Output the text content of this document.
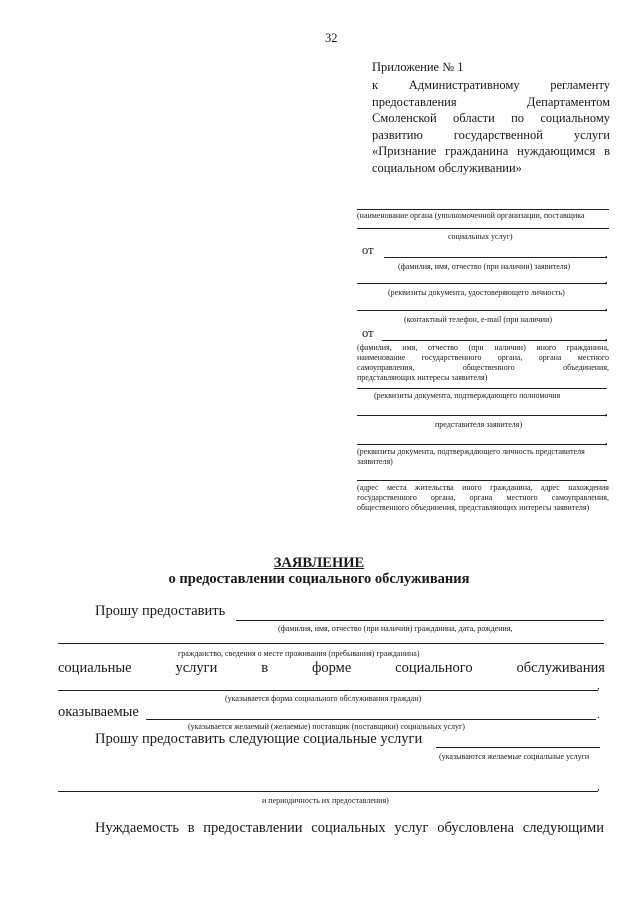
32
Приложение № 1
к Административному регламенту
предоставления Департаментом
Смоленской области по социальному
развитию государственной услуги
«Признание гражданина нуждающимся в
социальном обслуживании»
(наименование органа (уполномоченной организации, поставщика
социальных услуг)
от	,
(фамилия, имя, отчество (при наличии) заявителя)
,
(реквизиты документа, удостоверяющего личность)
,
(контактный телефон, e-mail (при наличии)
от	,
(фамилия, имя, отчество (при наличии) иного гражданина,
наименование государственного органа, органа местного
самоуправления, общественного объединения,
представляющих интересы заявителя)
(реквизиты документа, подтверждающего полномочия
,
представителя заявителя)
,
(реквизиты документа, подтверждающего личность представителя
заявителя)
(адрес места жительства иного гражданина, адрес нахождения
государственного органа, органа местного самоуправления,
общественного объединения, представляющих интересы заявителя)
ЗАЯВЛЕНИЕ
о предоставлении социального обслуживания
Прошу предоставить
(фамилия, имя, отчество (при наличии) гражданина, дата, рождения,
гражданство, сведения о месте проживания (пребывания) гражданина)
социальные	услуги	в	форме	социального	обслуживания
,
(указывается форма социального обслуживания граждан)
оказываемые	.
(указывается желаемый (желаемые) поставщик (поставщики) социальных услуг)
Прошу предоставить следующие социальные услуги
(указываются желаемые социальные услуги
,
и периодичность их предоставления)
Нуждаемость в предоставлении социальных услуг обусловлена следующими
